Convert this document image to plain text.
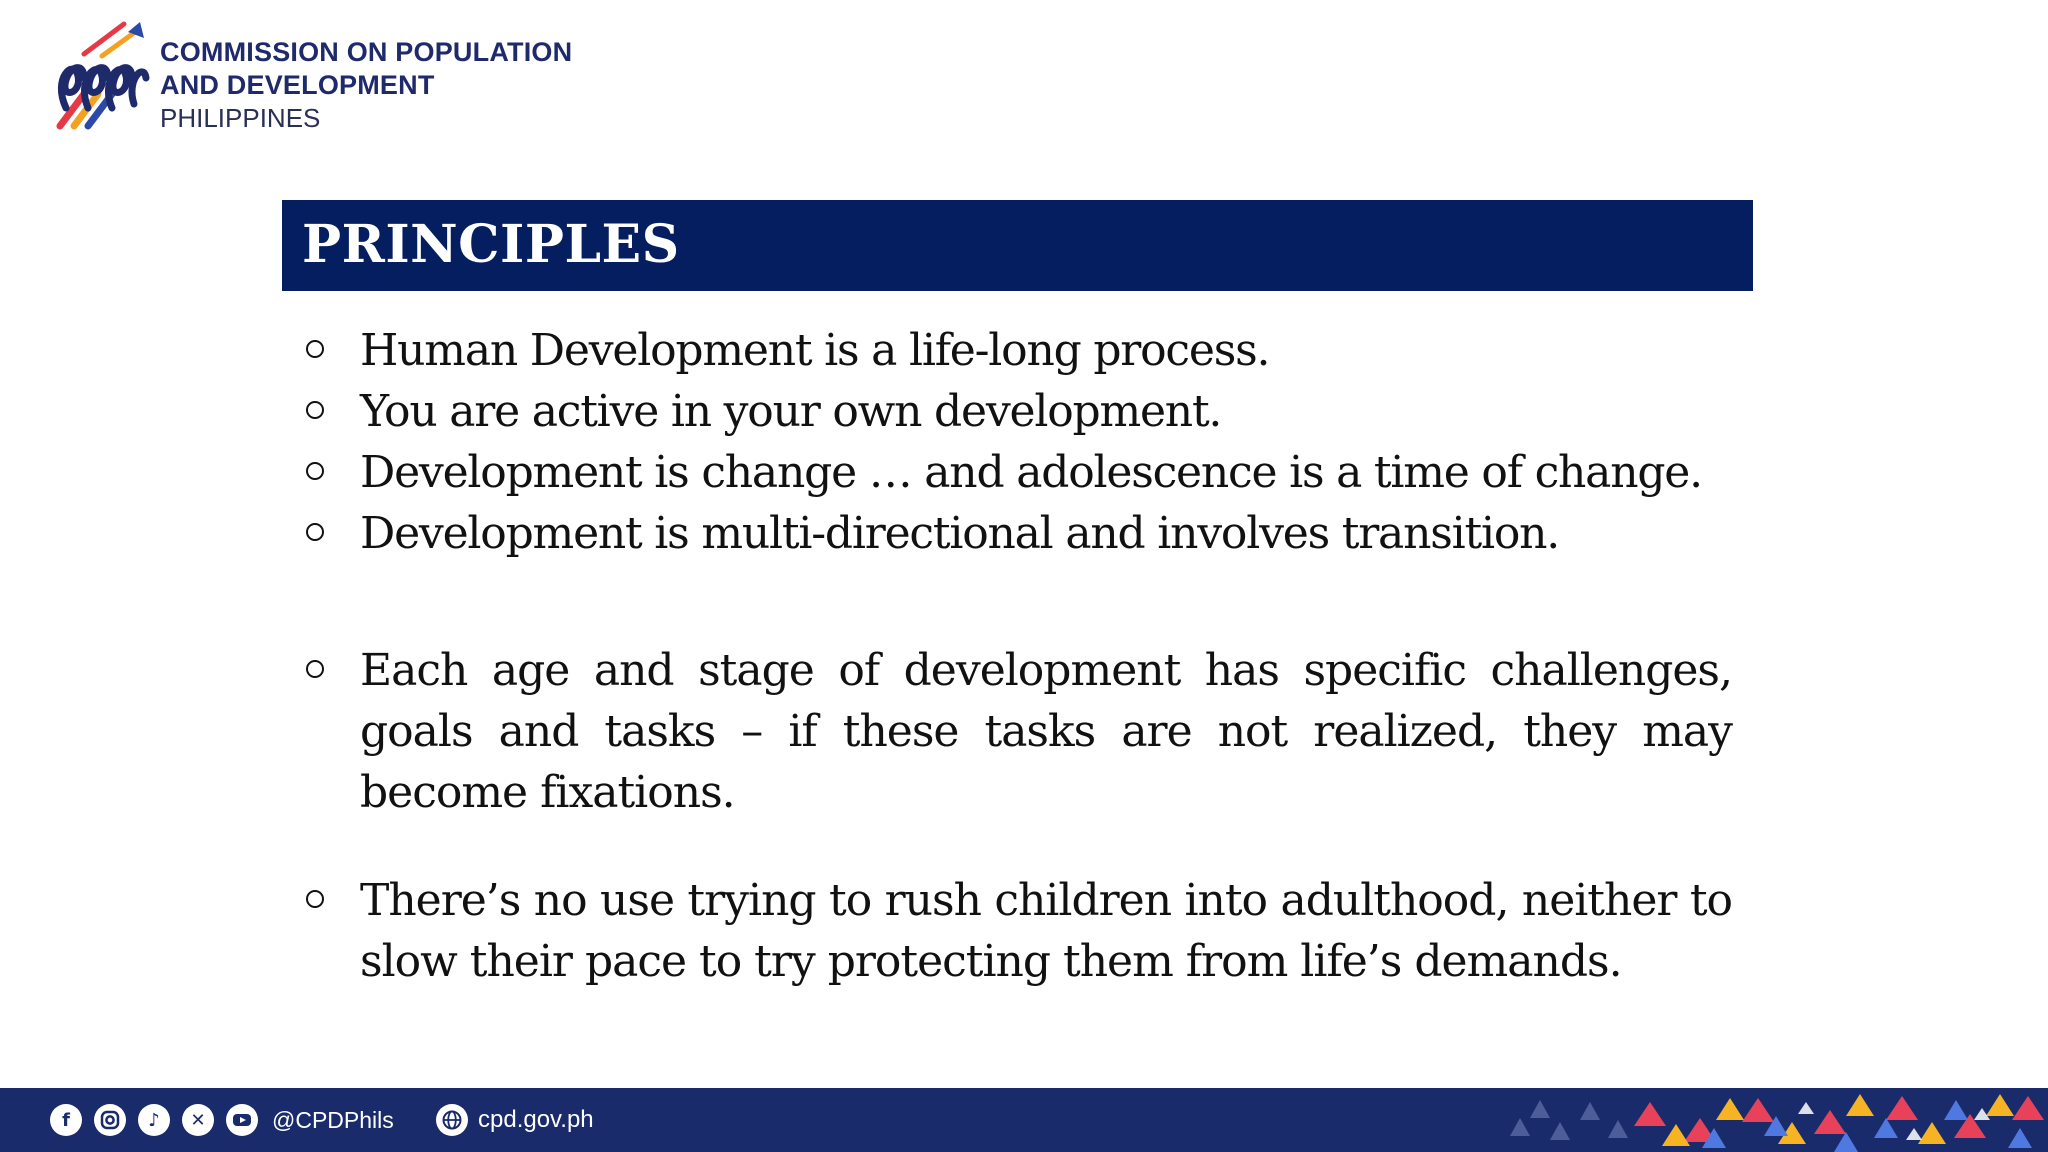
COMMISSION ON POPULATION
AND DEVELOPMENT
PHILIPPINES
PRINCIPLES
Human Development is a life-long process.
You are active in your own development.
Development is change … and adolescence is a time of change.
Development is multi-directional and involves transition.
Each age and stage of development has specific challenges, goals and tasks – if these tasks are not realized, they may become fixations.
There’s no use trying to rush children into adulthood, neither to slow their pace to try protecting them from life’s demands.
f	♪	✕	@CPDPhils	cpd.gov.ph
